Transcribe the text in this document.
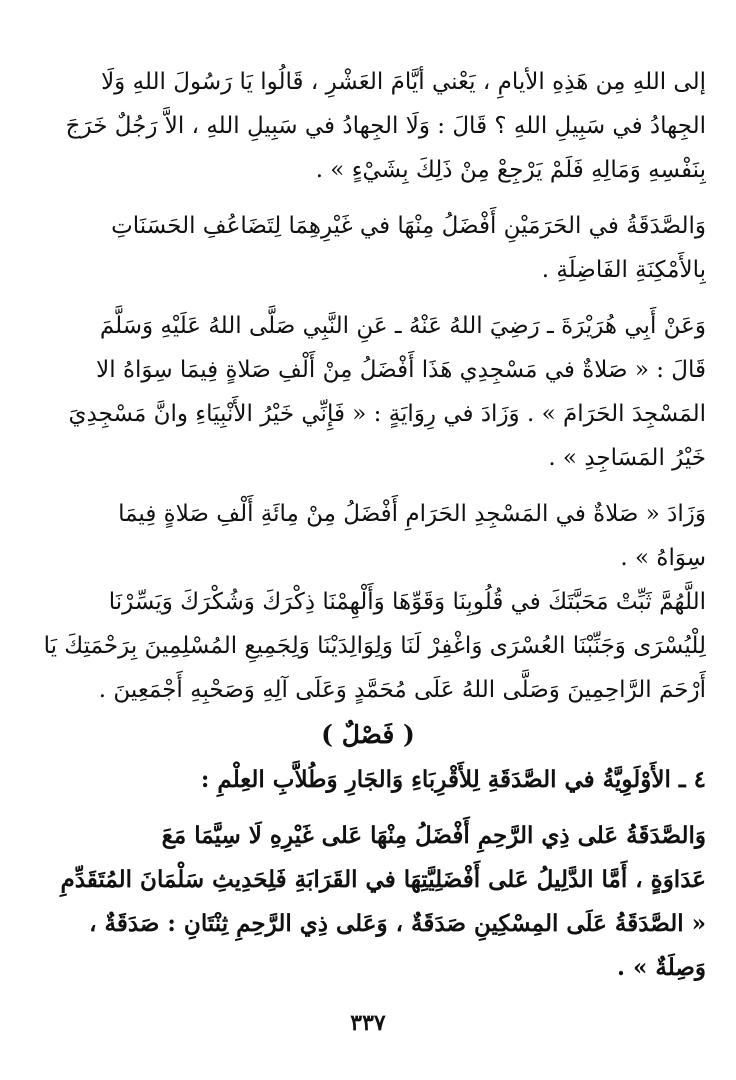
إلى اللهِ مِن هَذِهِ الأيامِ ، يَعْني أيَّامَ العَشْرِ ، قَالُوا يَا رَسُولَ اللهِ وَلَا
الجِهادُ في سَبِيلِ اللهِ ؟ قَالَ : وَلَا الجِهادُ في سَبِيلِ اللهِ ، الاَّ رَجُلٌ خَرَجَ
بِنَفْسِهِ وَمَالِهِ فَلَمْ يَرْجِعْ مِنْ ذَلِكَ بِشَيْءٍ » .
وَالصَّدَقَةُ في الحَرَمَيْنِ أَفْضَلُ مِنْهَا في غَيْرِهِمَا لِتَضَاعُفِ الحَسَنَاتِ
بِالأَمْكِنَةِ الفَاضِلَةِ .
وَعَنْ أَبِي هُرَيْرَةَ ـ رَضِيَ اللهُ عَنْهُ ـ عَنِ النَّبِي صَلَّى اللهُ عَلَيْهِ وَسَلَّمَ
قَالَ : « صَلاةٌ في مَسْجِدِي هَذَا أَفْضَلُ مِنْ أَلْفِ صَلاةٍ فِيمَا سِوَاهُ الا
المَسْجِدَ الحَرَامَ » . وَزَادَ في رِوَايَةٍ : « فَإِنِّي خَيْرُ الأَنْبِيَاءِ وانَّ مَسْجِدِيَ
خَيْرُ المَسَاجِدِ » .
وَزَادَ « صَلاةٌ في المَسْجِدِ الحَرَامِ أَفْضَلُ مِنْ مِائَةِ أَلْفِ صَلاةٍ فِيمَا
سِوَاهُ » .
اللَّهُمَّ ثَبِّتْ مَحَبَّتَكَ في قُلُوبِنَا وَقَوِّهَا وَأَلْهِمْنَا ذِكْرَكَ وَشُكْرَكَ وَيَسِّرْنَا
لِلْيُسْرَى وَجَنِّبْنَا العُسْرَى وَاغْفِرْ لَنَا وَلِوَالِدَيْنَا وَلِجَمِيعِ المُسْلِمِينَ بِرَحْمَتِكَ يَا
أَرْحَمَ الرَّاحِمِينَ وَصَلَّى اللهُ عَلَى مُحَمَّدٍ وَعَلَى آلِهِ وَصَحْبِهِ أَجْمَعِينَ .
( فَصْلٌ )
٤ ـ الأَوْلَوِيَّةُ في الصَّدَقَةِ لِلأَقْرِبَاءِ وَالجَارِ وَطُلاَّبِ العِلْمِ :
وَالصَّدَقَةُ عَلى ذِي الرَّحِمِ أَفْضَلُ مِنْهَا عَلى غَيْرِهِ لَا سِيَّمَا مَعَ
عَدَاوَةٍ ، أَمَّا الدَّلِيلُ عَلى أَفْضَلِيَّتِهَا في القَرَابَةِ فَلِحَدِيثِ سَلْمَانَ المُتَقَدِّمِ
« الصَّدَقَةُ عَلَى المِسْكِينِ صَدَقَةٌ ، وَعَلى ذِي الرَّحِمِ ثِنْتَانِ : صَدَقَةٌ ،
وَصِلَةٌ » .
٣٣٧
